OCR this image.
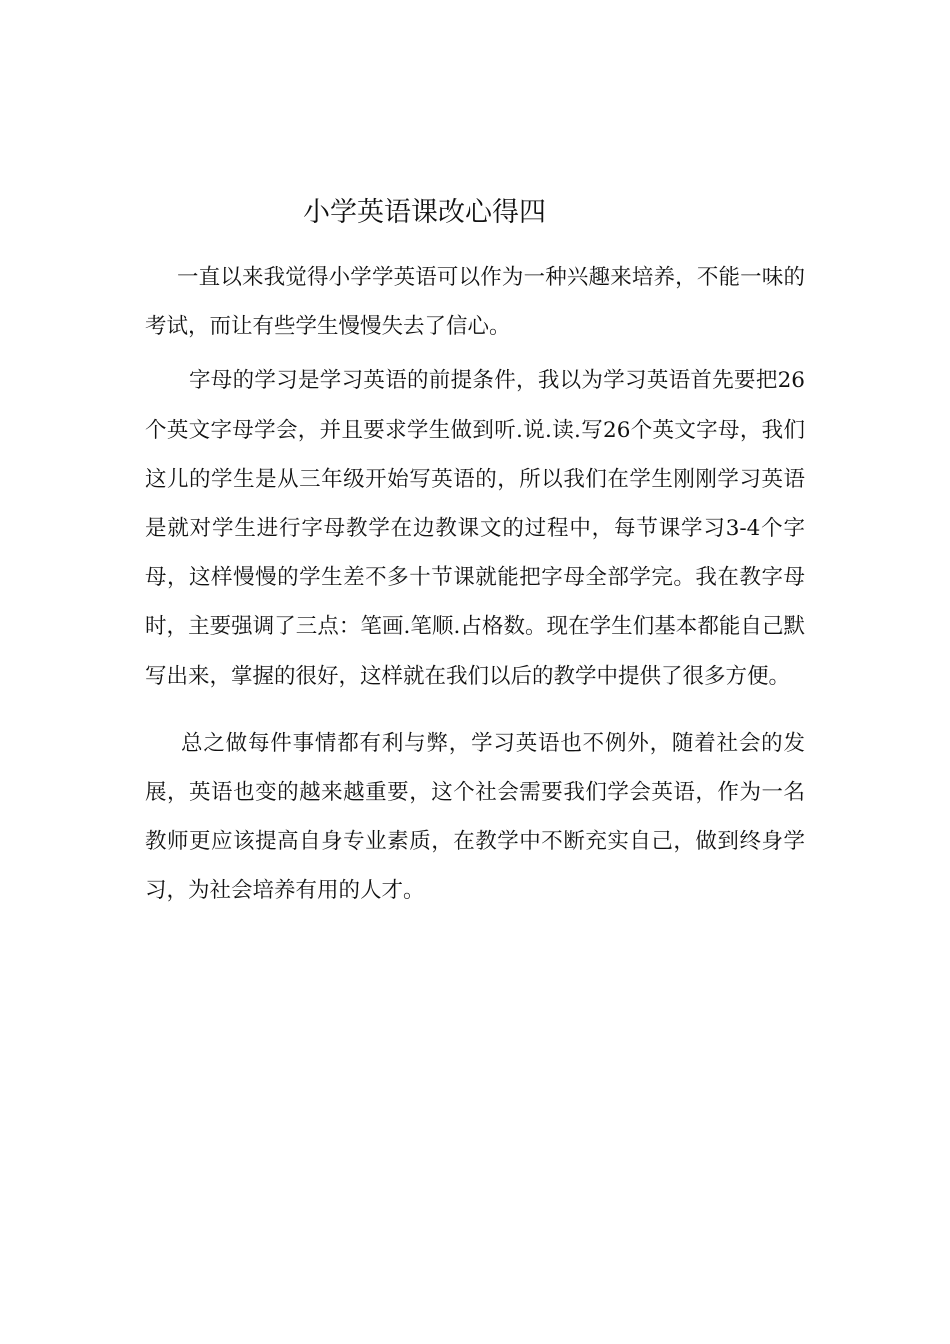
小学英语课改心得四

一直以来我觉得小学学英语可以作为一种兴趣来培养，不能一味的考试，而让有些学生慢慢失去了信心。

字母的学习是学习英语的前提条件，我以为学习英语首先要把26个英文字母学会，并且要求学生做到听.说.读.写26个英文字母，我们这儿的学生是从三年级开始写英语的，所以我们在学生刚刚学习英语是就对学生进行字母教学在边教课文的过程中，每节课学习3-4个字母，这样慢慢的学生差不多十节课就能把字母全部学完。我在教字母时，主要强调了三点：笔画.笔顺.占格数。现在学生们基本都能自己默写出来，掌握的很好，这样就在我们以后的教学中提供了很多方便。

总之做每件事情都有利与弊，学习英语也不例外，随着社会的发展，英语也变的越来越重要，这个社会需要我们学会英语，作为一名教师更应该提高自身专业素质，在教学中不断充实自己，做到终身学习，为社会培养有用的人才。
